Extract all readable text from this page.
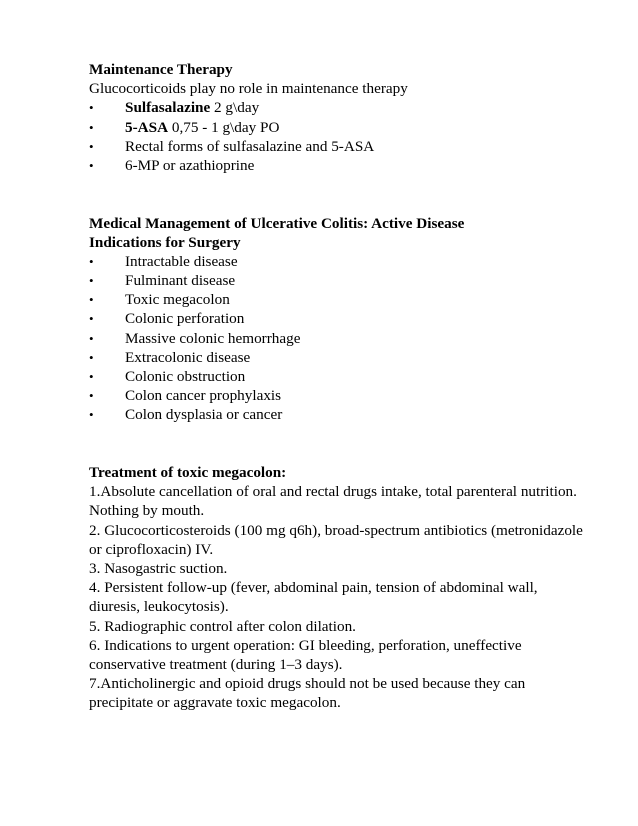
Maintenance Therapy
Glucocorticoids play no role in maintenance therapy
•	Sulfasalazine 2 g\day
•	5-ASA 0,75 - 1 g\day PO
•	Rectal forms of sulfasalazine and 5-ASA
•	6-MP or azathioprine
Medical Management of Ulcerative Colitis: Active Disease
Indications for Surgery
•	Intractable disease
•	Fulminant disease
•	Toxic megacolon
•	Colonic perforation
•	Massive colonic hemorrhage
•	Extracolonic disease
•	Colonic obstruction
•	Colon cancer prophylaxis
•	Colon dysplasia or cancer
Treatment of toxic megacolon:
1.Absolute cancellation of oral and rectal drugs intake, total parenteral nutrition. Nothing by mouth.
2. Glucocorticosteroids (100 mg q6h), broad-spectrum antibiotics (metronidazole or ciprofloxacin) IV.
3. Nasogastric suction.
4. Persistent follow-up (fever, abdominal pain, tension of abdominal wall, diuresis, leukocytosis).
5. Radiographic control after colon dilation.
6. Indications to urgent operation: GI bleeding, perforation, uneffective conservative treatment (during 1–3 days).
7.Anticholinergic and opioid drugs should not be used because they can precipitate or aggravate toxic megacolon.
